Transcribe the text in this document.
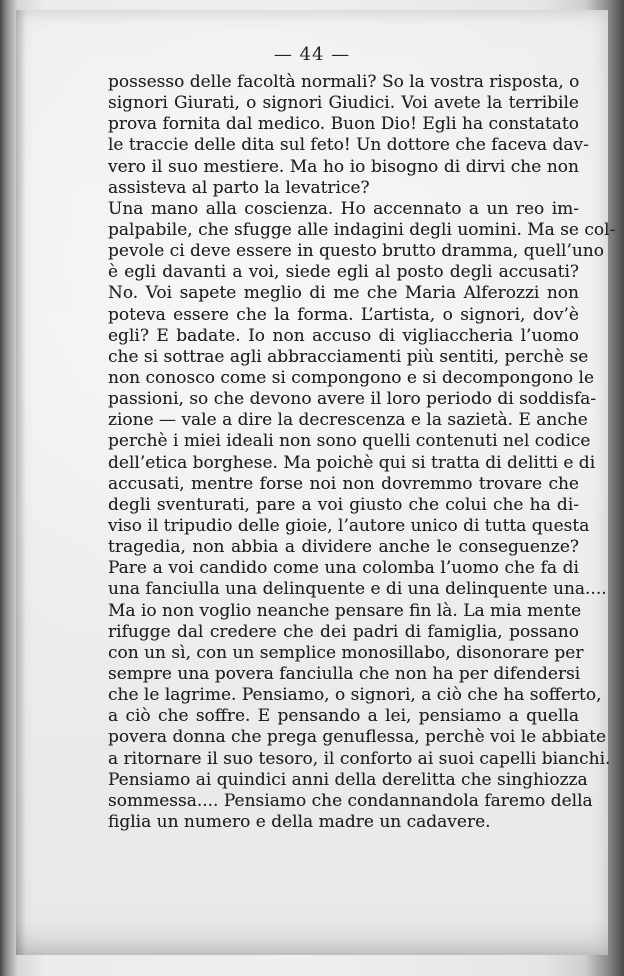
— 44 —
possesso delle facoltà normali? So la vostra risposta, o
signori Giurati, o signori Giudici. Voi avete la terribile
prova fornita dal medico. Buon Dio! Egli ha constatato
le traccie delle dita sul feto! Un dottore che faceva dav-
vero il suo mestiere. Ma ho io bisogno di dirvi che non
assisteva al parto la levatrice?
Una mano alla coscienza. Ho accennato a un reo im-
palpabile, che sfugge alle indagini degli uomini. Ma se col-
pevole ci deve essere in questo brutto dramma, quell’uno
è egli davanti a voi, siede egli al posto degli accusati?
No. Voi sapete meglio di me che Maria Alferozzi non
poteva essere che la forma. L’artista, o signori, dov’è
egli? E badate. Io non accuso di vigliaccheria l’uomo
che si sottrae agli abbracciamenti più sentiti, perchè se
non conosco come si compongono e si decompongono le
passioni, so che devono avere il loro periodo di soddisfa-
zione — vale a dire la decrescenza e la sazietà. E anche
perchè i miei ideali non sono quelli contenuti nel codice
dell’etica borghese. Ma poichè qui si tratta di delitti e di
accusati, mentre forse noi non dovremmo trovare che
degli sventurati, pare a voi giusto che colui che ha di-
viso il tripudio delle gioie, l’autore unico di tutta questa
tragedia, non abbia a dividere anche le conseguenze?
Pare a voi candido come una colomba l’uomo che fa di
una fanciulla una delinquente e di una delinquente una....
Ma io non voglio neanche pensare fin là. La mia mente
rifugge dal credere che dei padri di famiglia, possano
con un sì, con un semplice monosillabo, disonorare per
sempre una povera fanciulla che non ha per difendersi
che le lagrime. Pensiamo, o signori, a ciò che ha sofferto,
a ciò che soffre. E pensando a lei, pensiamo a quella
povera donna che prega genuflessa, perchè voi le abbiate
a ritornare il suo tesoro, il conforto ai suoi capelli bianchi.
Pensiamo ai quindici anni della derelitta che singhiozza
sommessa.... Pensiamo che condannandola faremo della
figlia un numero e della madre un cadavere.
